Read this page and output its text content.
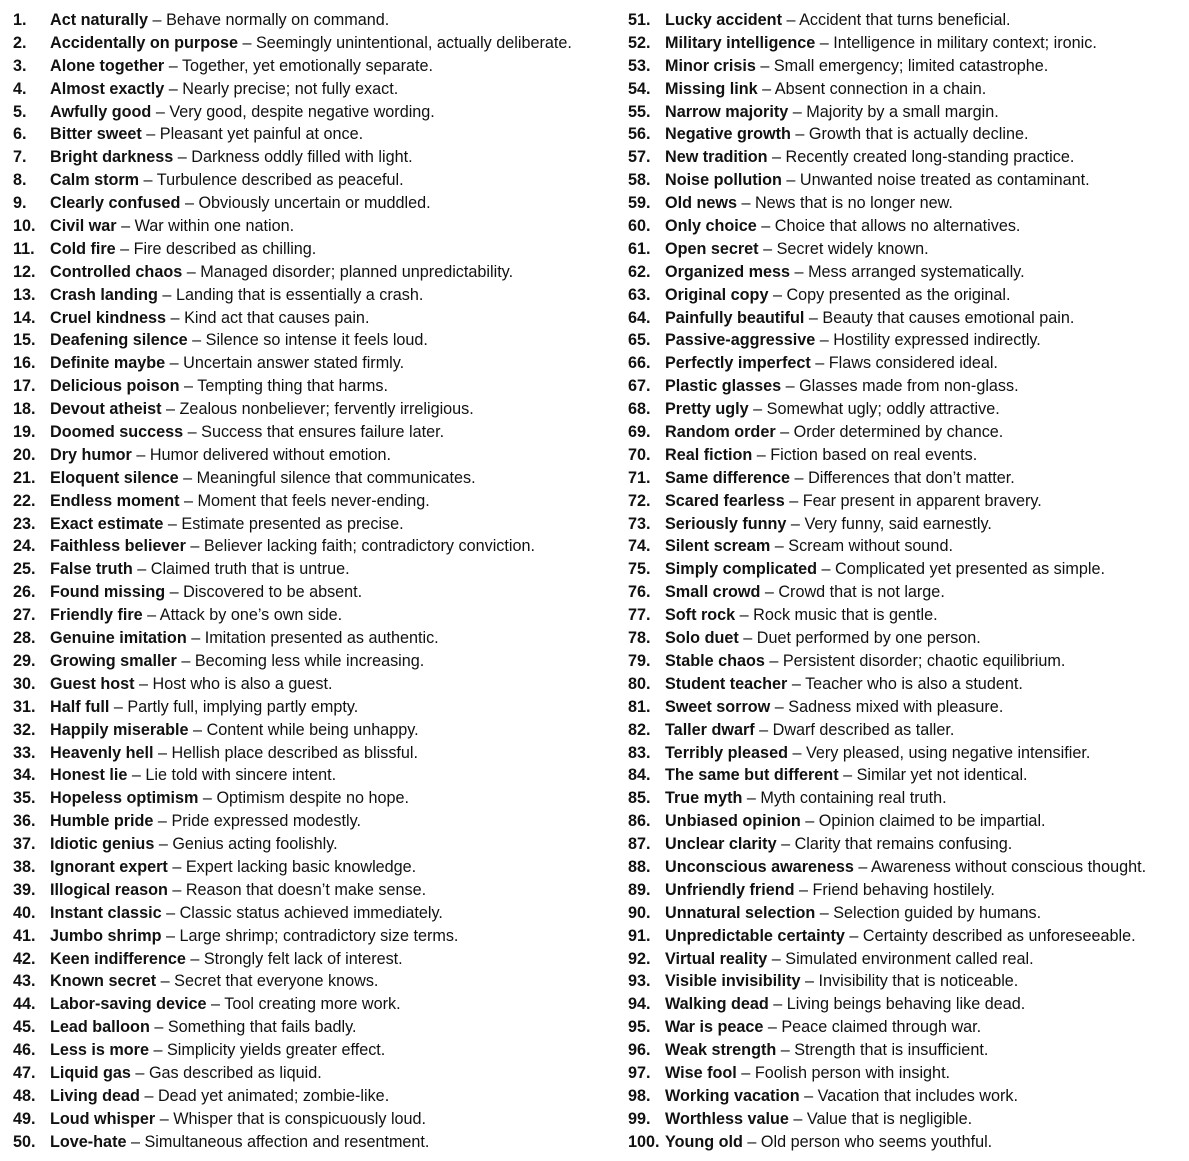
1. Act naturally – Behave normally on command.
2. Accidentally on purpose – Seemingly unintentional, actually deliberate.
3. Alone together – Together, yet emotionally separate.
4. Almost exactly – Nearly precise; not fully exact.
5. Awfully good – Very good, despite negative wording.
6. Bitter sweet – Pleasant yet painful at once.
7. Bright darkness – Darkness oddly filled with light.
8. Calm storm – Turbulence described as peaceful.
9. Clearly confused – Obviously uncertain or muddled.
10. Civil war – War within one nation.
11. Cold fire – Fire described as chilling.
12. Controlled chaos – Managed disorder; planned unpredictability.
13. Crash landing – Landing that is essentially a crash.
14. Cruel kindness – Kind act that causes pain.
15. Deafening silence – Silence so intense it feels loud.
16. Definite maybe – Uncertain answer stated firmly.
17. Delicious poison – Tempting thing that harms.
18. Devout atheist – Zealous nonbeliever; fervently irreligious.
19. Doomed success – Success that ensures failure later.
20. Dry humor – Humor delivered without emotion.
21. Eloquent silence – Meaningful silence that communicates.
22. Endless moment – Moment that feels never-ending.
23. Exact estimate – Estimate presented as precise.
24. Faithless believer – Believer lacking faith; contradictory conviction.
25. False truth – Claimed truth that is untrue.
26. Found missing – Discovered to be absent.
27. Friendly fire – Attack by one’s own side.
28. Genuine imitation – Imitation presented as authentic.
29. Growing smaller – Becoming less while increasing.
30. Guest host – Host who is also a guest.
31. Half full – Partly full, implying partly empty.
32. Happily miserable – Content while being unhappy.
33. Heavenly hell – Hellish place described as blissful.
34. Honest lie – Lie told with sincere intent.
35. Hopeless optimism – Optimism despite no hope.
36. Humble pride – Pride expressed modestly.
37. Idiotic genius – Genius acting foolishly.
38. Ignorant expert – Expert lacking basic knowledge.
39. Illogical reason – Reason that doesn’t make sense.
40. Instant classic – Classic status achieved immediately.
41. Jumbo shrimp – Large shrimp; contradictory size terms.
42. Keen indifference – Strongly felt lack of interest.
43. Known secret – Secret that everyone knows.
44. Labor-saving device – Tool creating more work.
45. Lead balloon – Something that fails badly.
46. Less is more – Simplicity yields greater effect.
47. Liquid gas – Gas described as liquid.
48. Living dead – Dead yet animated; zombie-like.
49. Loud whisper – Whisper that is conspicuously loud.
50. Love-hate – Simultaneous affection and resentment.
51. Lucky accident – Accident that turns beneficial.
52. Military intelligence – Intelligence in military context; ironic.
53. Minor crisis – Small emergency; limited catastrophe.
54. Missing link – Absent connection in a chain.
55. Narrow majority – Majority by a small margin.
56. Negative growth – Growth that is actually decline.
57. New tradition – Recently created long-standing practice.
58. Noise pollution – Unwanted noise treated as contaminant.
59. Old news – News that is no longer new.
60. Only choice – Choice that allows no alternatives.
61. Open secret – Secret widely known.
62. Organized mess – Mess arranged systematically.
63. Original copy – Copy presented as the original.
64. Painfully beautiful – Beauty that causes emotional pain.
65. Passive-aggressive – Hostility expressed indirectly.
66. Perfectly imperfect – Flaws considered ideal.
67. Plastic glasses – Glasses made from non-glass.
68. Pretty ugly – Somewhat ugly; oddly attractive.
69. Random order – Order determined by chance.
70. Real fiction – Fiction based on real events.
71. Same difference – Differences that don’t matter.
72. Scared fearless – Fear present in apparent bravery.
73. Seriously funny – Very funny, said earnestly.
74. Silent scream – Scream without sound.
75. Simply complicated – Complicated yet presented as simple.
76. Small crowd – Crowd that is not large.
77. Soft rock – Rock music that is gentle.
78. Solo duet – Duet performed by one person.
79. Stable chaos – Persistent disorder; chaotic equilibrium.
80. Student teacher – Teacher who is also a student.
81. Sweet sorrow – Sadness mixed with pleasure.
82. Taller dwarf – Dwarf described as taller.
83. Terribly pleased – Very pleased, using negative intensifier.
84. The same but different – Similar yet not identical.
85. True myth – Myth containing real truth.
86. Unbiased opinion – Opinion claimed to be impartial.
87. Unclear clarity – Clarity that remains confusing.
88. Unconscious awareness – Awareness without conscious thought.
89. Unfriendly friend – Friend behaving hostilely.
90. Unnatural selection – Selection guided by humans.
91. Unpredictable certainty – Certainty described as unforeseeable.
92. Virtual reality – Simulated environment called real.
93. Visible invisibility – Invisibility that is noticeable.
94. Walking dead – Living beings behaving like dead.
95. War is peace – Peace claimed through war.
96. Weak strength – Strength that is insufficient.
97. Wise fool – Foolish person with insight.
98. Working vacation – Vacation that includes work.
99. Worthless value – Value that is negligible.
100. Young old – Old person who seems youthful.
